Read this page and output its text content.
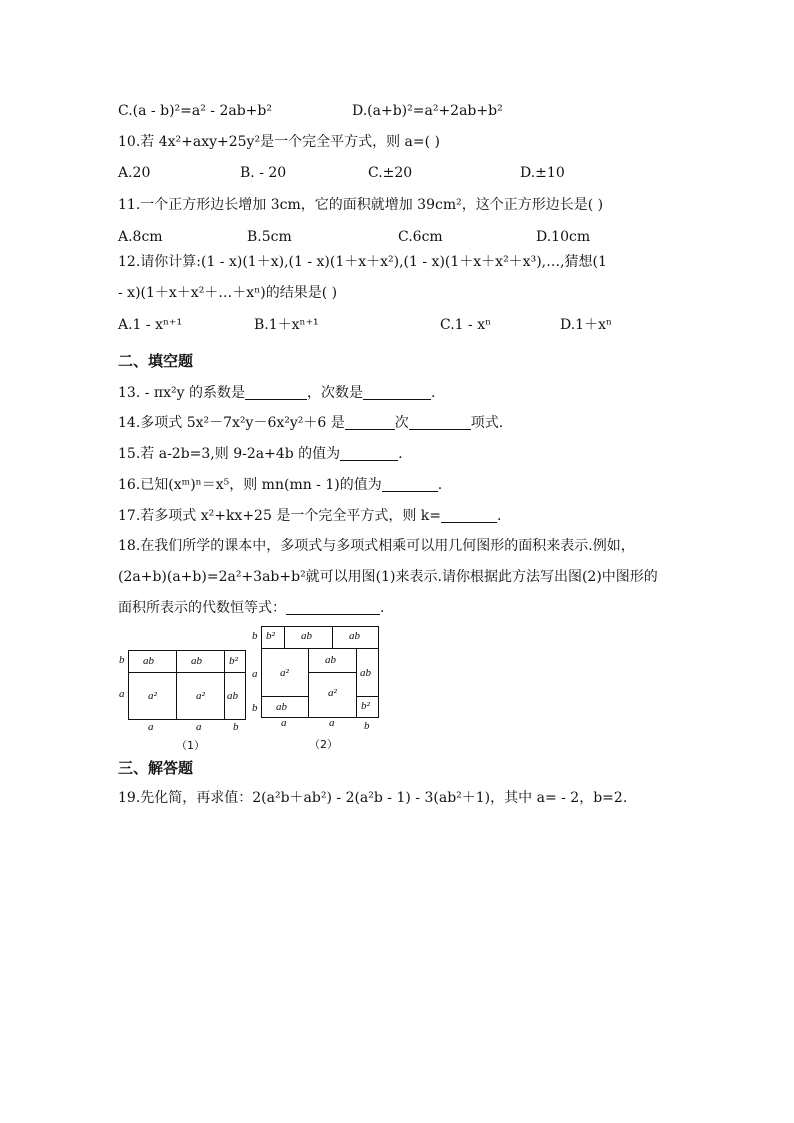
C.(a - b)²=a² - 2ab+b²	D.(a+b)²=a²+2ab+b²
10.若 4x²+axy+25y²是一个完全平方式，则 a=( )
A.20	B. - 20	C.±20	D.±10
11.一个正方形边长增加 3cm，它的面积就增加 39cm²，这个正方形边长是( )
A.8cm	B.5cm	C.6cm	D.10cm
12.请你计算:(1 - x)(1＋x),(1 - x)(1＋x＋x²),(1 - x)(1＋x＋x²＋x³),…,猜想(1
- x)(1＋x＋x²＋…＋xⁿ)的结果是( )
A.1 - xⁿ⁺¹	B.1＋xⁿ⁺¹	C.1 - xⁿ	D.1＋xⁿ
二、填空题
13. - πx²y 的系数是	，次数是	.
14.多项式 5x²－7x²y－6x²y²＋6 是	次	项式.
15.若 a-2b=3,则 9-2a+4b 的值为	.
16.已知(xᵐ)ⁿ＝x⁵，则 mn(mn - 1)的值为	.
17.若多项式 x²+kx+25 是一个完全平方式，则 k=	.
18.在我们所学的课本中，多项式与多项式相乘可以用几何图形的面积来表示.例如，
(2a+b)(a+b)=2a²+3ab+b²就可以用图(1)来表示.请你根据此方法写出图(2)中图形的
面积所表示的代数恒等式：	.
ab	ab b²
a²	a² ab
b
a
a	a	b
（1）
b² ab	ab
a²
ab
a²
ab
ab	b²
b
a
b
a	a	b
（2）
三、解答题
19.先化简，再求值：2(a²b＋ab²) - 2(a²b - 1) - 3(ab²＋1)，其中 a= - 2，b=2.
